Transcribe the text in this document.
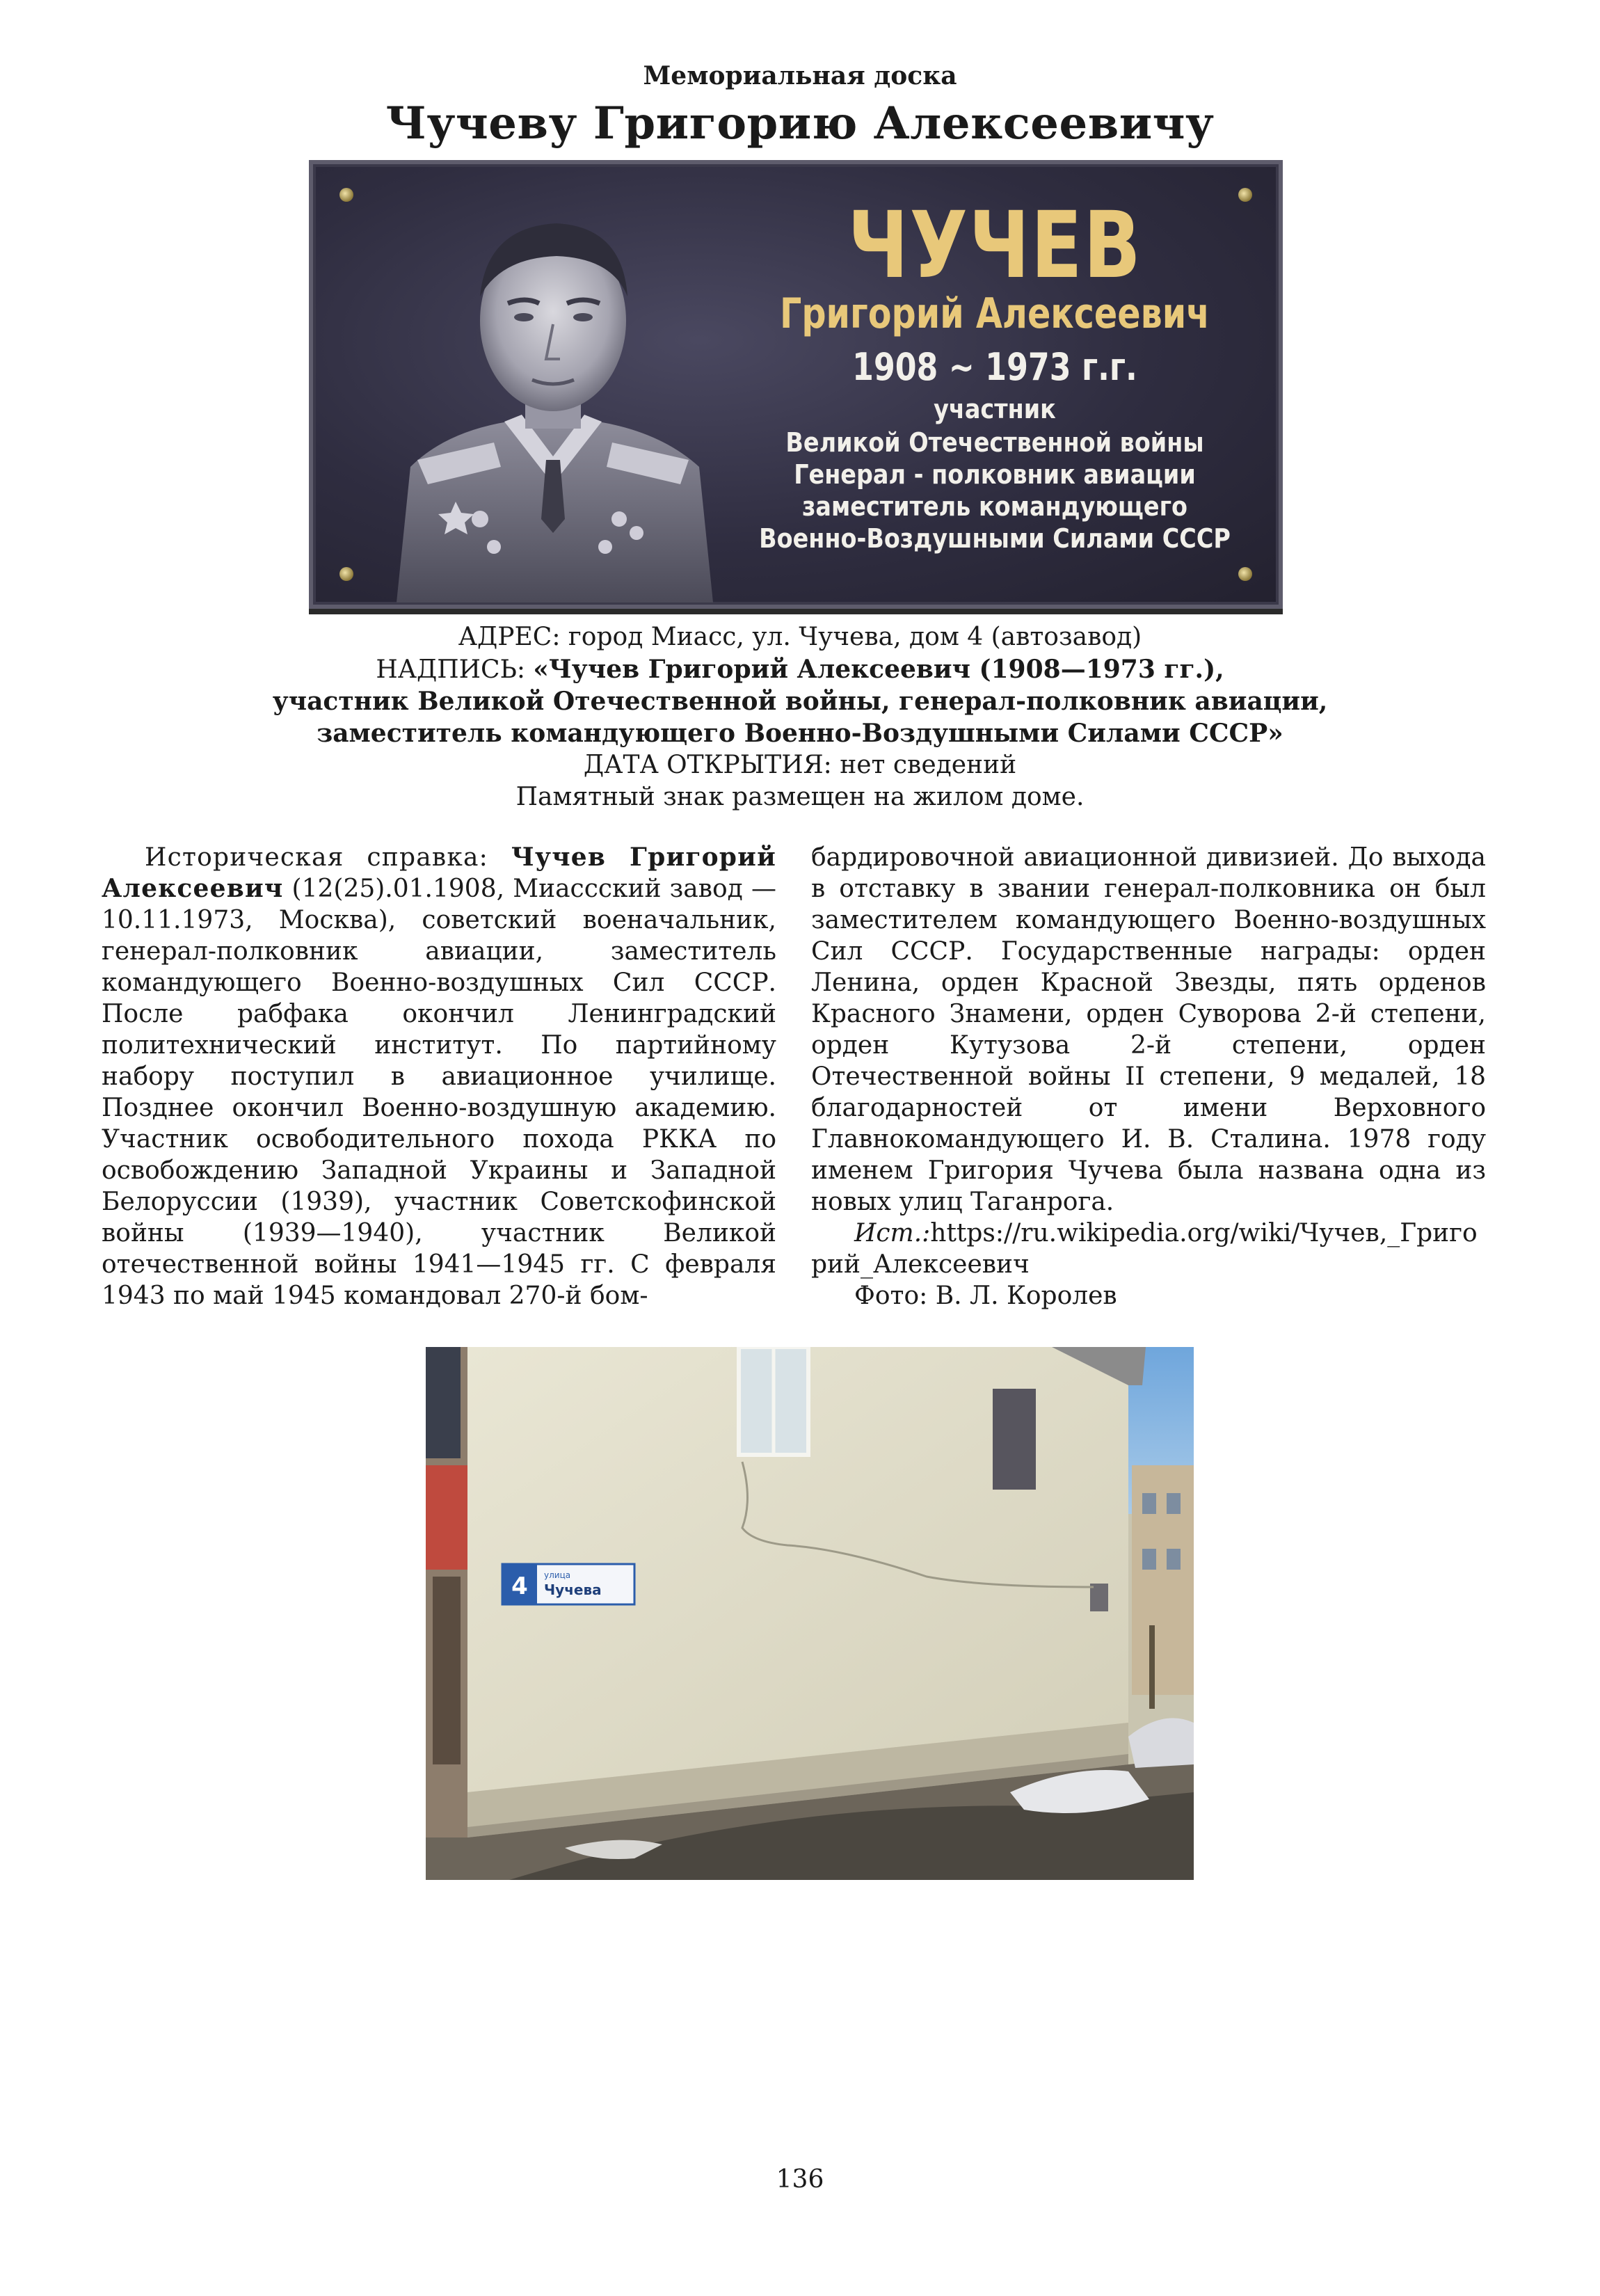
Мемориальная доска
Чучеву Григорию Алексеевичу
ЧУЧЕВ
Григорий Алексеевич
1908 ~ 1973 г.г.
участник
Великой Отечественной войны
Генерал - полковник авиации
заместитель командующего
Военно-Воздушными Силами СССР
АДРЕС: город Миасс, ул. Чучева, дом 4 (автозавод)
НАДПИСЬ: «Чучев Григорий Алексеевич (1908—1973 гг.),
участник Великой Отечественной войны, генерал-полковник авиации,
заместитель командующего Военно-Воздушными Силами СССР»
ДАТА ОТКРЫТИЯ: нет сведений
Памятный знак размещен на жилом доме.

Историческая справка: Чучев Григорий Алексеевич (12(25).01.1908, Миассский завод — 10.11.1973, Москва), советский военачальник, генерал-полковник авиации, заместитель командующего Военно-воздушных Сил СССР. После рабфака окончил Ленинградский политехнический институт. По партийному набору поступил в авиационное училище. Позднее окончил Военно-воздушную академию. Участник освободительного похода РККА по освобождению Западной Украины и Западной Белоруссии (1939), участник Советскофинской войны (1939—1940), участник Великой отечественной войны 1941—1945 гг. С февраля 1943 по май 1945 командовал 270-й бом-

бардировочной авиационной дивизией. До выхода в отставку в звании генерал-полковника он был заместителем командующего Военно-воздушных Сил СССР. Государственные награды: орден Ленина, орден Красной Звезды, пять орденов Красного Знамени, орден Суворова 2-й степени, орден Кутузова 2-й степени, орден Отечественной войны II степени, 9 медалей, 18 благодарностей от имени Верховного Главнокомандующего И. В. Сталина. 1978 году именем Григория Чучева была названа одна из новых улиц Таганрога.

Ист.:https://ru.wikipedia.org/wiki/Чучев,_Григорий_Алексеевич

Фото: В. Л. Королев

4 улица
Чучева
136
